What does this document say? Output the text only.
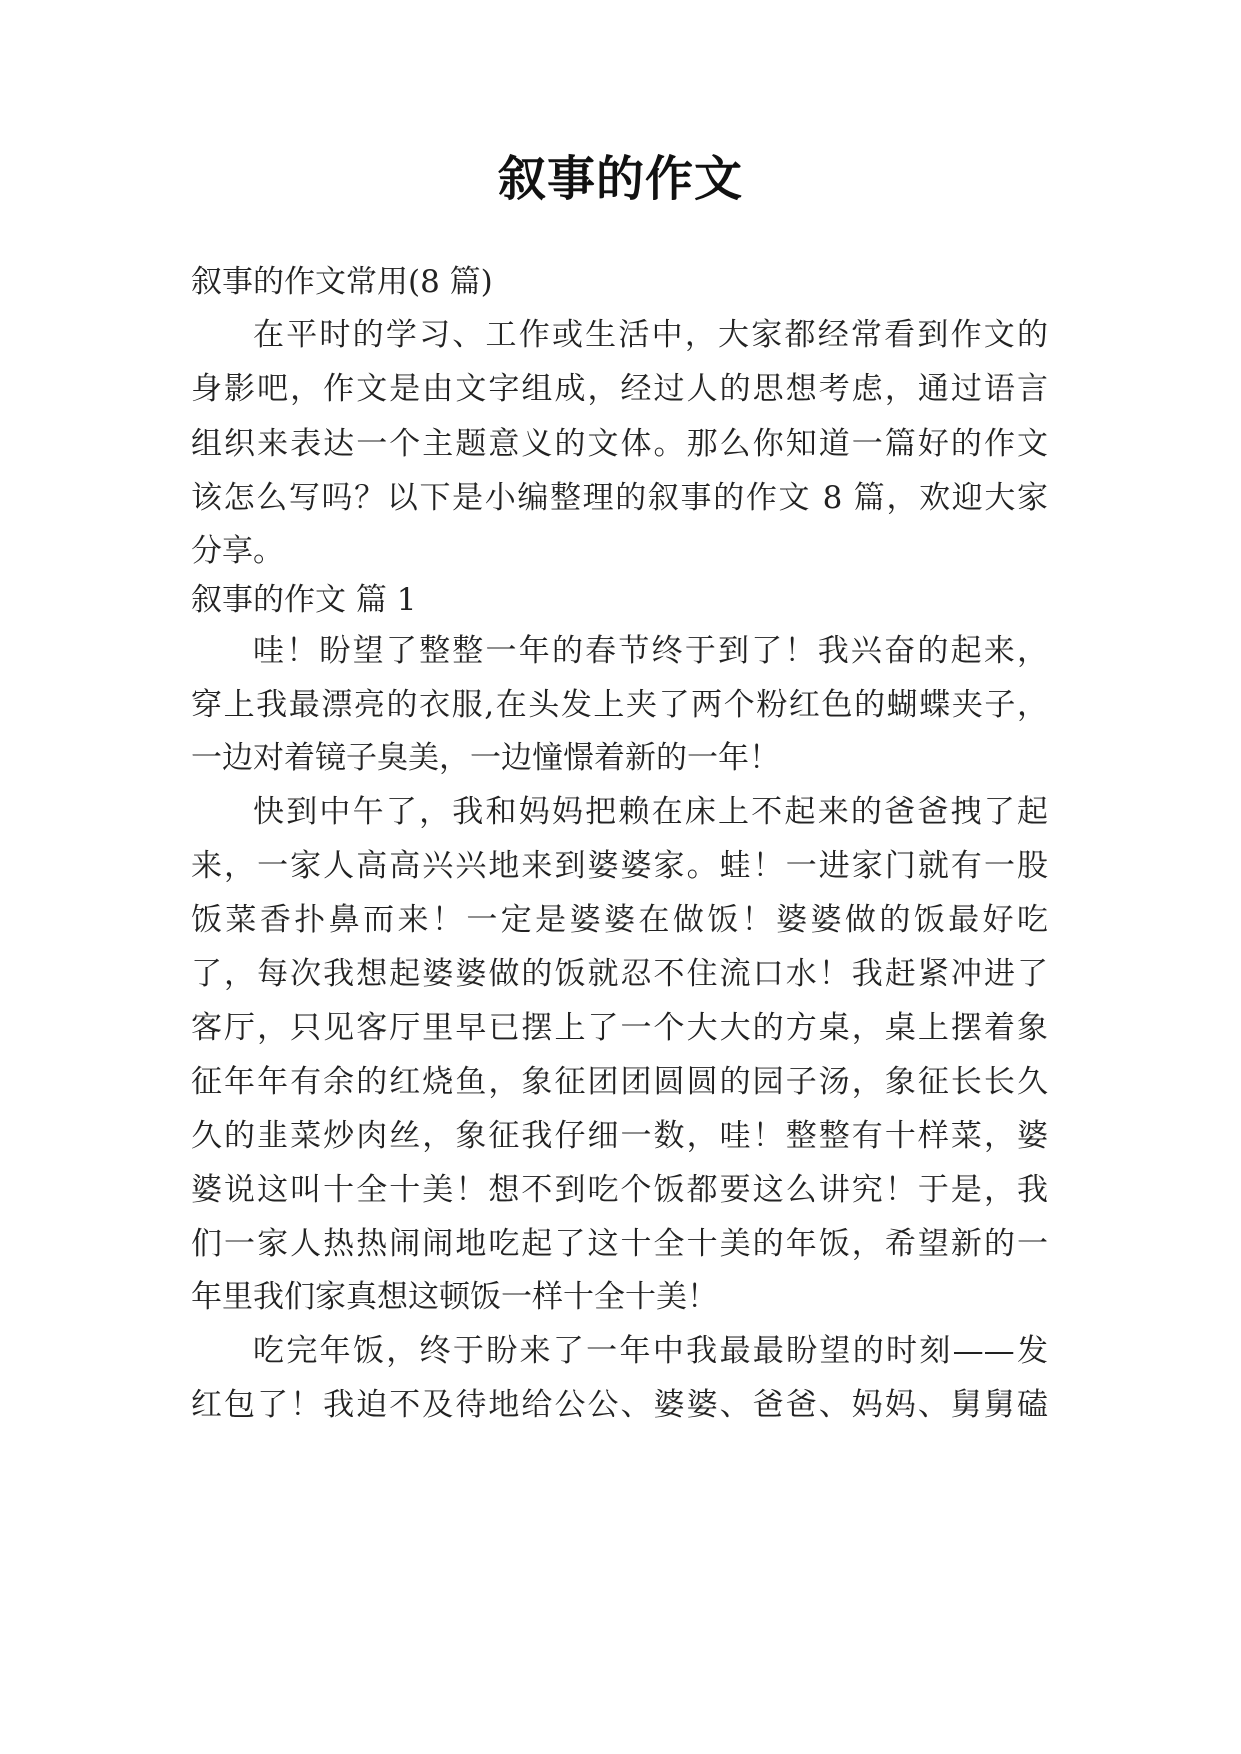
叙事的作文

叙事的作文常用(8 篇)

在平时的学习、工作或生活中，大家都经常看到作文的

身影吧，作文是由文字组成，经过人的思想考虑，通过语言

组织来表达一个主题意义的文体。那么你知道一篇好的作文

该怎么写吗？以下是小编整理的叙事的作文 8 篇，欢迎大家

分享。

叙事的作文 篇 1

哇！盼望了整整一年的春节终于到了！我兴奋的起来，

穿上我最漂亮的衣服,在头发上夹了两个粉红色的蝴蝶夹子，

一边对着镜子臭美，一边憧憬着新的一年！

快到中午了，我和妈妈把赖在床上不起来的爸爸拽了起

来，一家人高高兴兴地来到婆婆家。蛙！一进家门就有一股

饭菜香扑鼻而来！一定是婆婆在做饭！婆婆做的饭最好吃

了，每次我想起婆婆做的饭就忍不住流口水！我赶紧冲进了

客厅，只见客厅里早已摆上了一个大大的方桌，桌上摆着象

征年年有余的红烧鱼，象征团团圆圆的园子汤，象征长长久

久的韭菜炒肉丝，象征我仔细一数，哇！整整有十样菜，婆

婆说这叫十全十美！想不到吃个饭都要这么讲究！于是，我

们一家人热热闹闹地吃起了这十全十美的年饭，希望新的一

年里我们家真想这顿饭一样十全十美！

吃完年饭，终于盼来了一年中我最最盼望的时刻——发

红包了！我迫不及待地给公公、婆婆、爸爸、妈妈、舅舅磕
